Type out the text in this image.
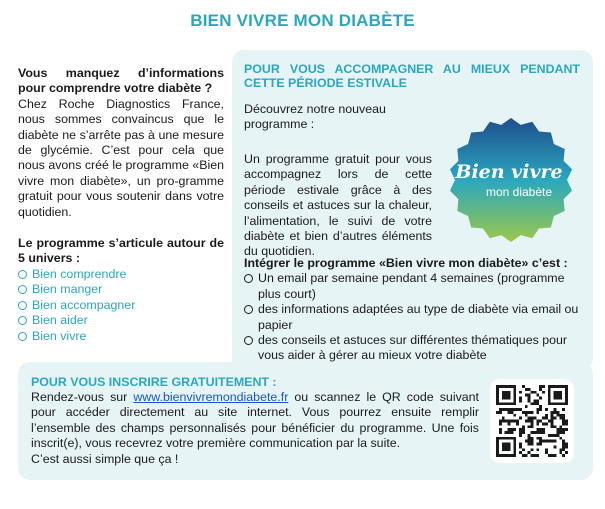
BIEN VIVRE MON DIABÈTE

Vous manquez d’informations pour comprendre votre diabète ?

Chez Roche Diagnostics France, nous sommes convaincus que le diabète ne s’arrête pas à une mesure de glycémie. C’est pour cela que nous avons créé le programme «Bien vivre mon diabète», un pro-gramme gratuit pour vous soutenir dans votre quotidien.

Le programme s’articule autour de 5 univers :

Bien comprendre
Bien manger
Bien accompagner
Bien aider
Bien vivre
POUR VOUS ACCOMPAGNER AU MIEUX PENDANT CETTE PÉRIODE ESTIVALE
Découvrez notre nouveau programme :
Un programme gratuit pour vous accompagnez lors de cette période estivale grâce à des conseils et astuces sur la chaleur, l’alimentation, le suivi de votre diabète et bien d’autres éléments du quotidien.
Bien vivre
mon diabète
Intégrer le programme «Bien vivre mon diabète» c’est :
Un email par semaine pendant 4 semaines (programme plus court)
des informations adaptées au type de diabète via email ou papier
des conseils et astuces sur différentes thématiques pour vous aider à gérer au mieux votre diabète
POUR VOUS INSCRIRE GRATUITEMENT :
Rendez-vous sur www.bienvivremondiabete.fr ou scannez le QR code suivant pour accéder directement au site internet. Vous pourrez ensuite remplir l’ensemble des champs personnalisés pour bénéficier du programme. Une fois inscrit(e), vous recevrez votre première communication par la suite.
C’est aussi simple que ça !
